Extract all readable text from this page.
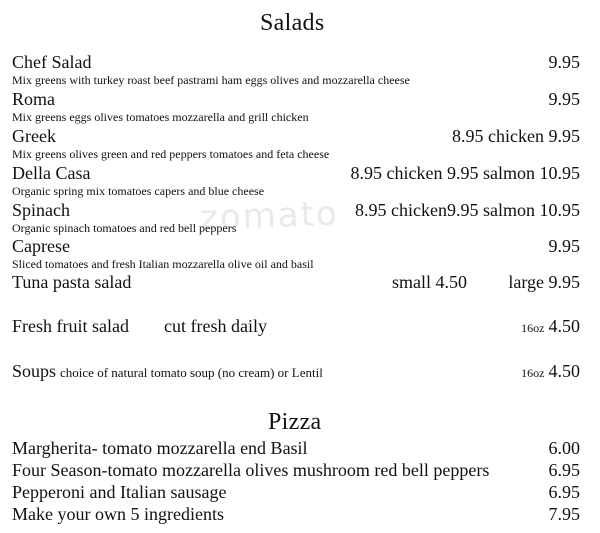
zomato
Salads
Chef Salad	9.95
Mix greens with turkey roast beef pastrami ham eggs olives and mozzarella cheese
Roma	9.95
Mix greens eggs olives tomatoes mozzarella and grill chicken
Greek	8.95 chicken 9.95
Mix greens olives green and red peppers tomatoes and feta cheese
Della Casa	8.95 chicken 9.95 salmon 10.95
Organic spring mix tomatoes capers and blue cheese
Spinach	8.95 chicken9.95 salmon 10.95
Organic spinach tomatoes and red bell peppers
Caprese	9.95
Sliced tomatoes and fresh Italian mozzarella olive oil and basil
Tuna pasta salad	small 4.50 large 9.95
Fresh fruit salad cut fresh daily	16oz 4.50
Soups choice of natural tomato soup (no cream) or Lentil	16oz 4.50
Pizza
Margherita- tomato mozzarella end Basil	6.00
Four Season-tomato mozzarella olives mushroom red bell peppers	6.95
Pepperoni and Italian sausage	6.95
Make your own 5 ingredients	7.95
